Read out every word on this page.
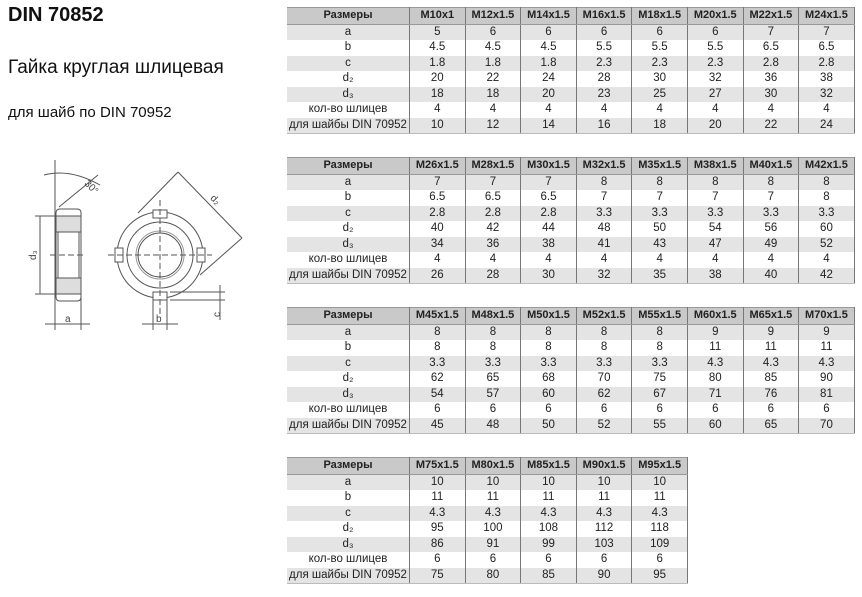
DIN 70852
Гайка круглая шлицевая
для шайб по DIN 70952
d₃
a	b	c
d₂
30°
Размеры	M10x1	M12x1.5	M14x1.5	M16x1.5	M18x1.5	M20x1.5	M22x1.5	M24x1.5
a	5	6	6	6	6	6	7	7
b	4.5	4.5	4.5	5.5	5.5	5.5	6.5	6.5
c	1.8	1.8	1.8	2.3	2.3	2.3	2.8	2.8
d₂	20	22	24	28	30	32	36	38
d₃	18	18	20	23	25	27	30	32
кол-во шлицев	4	4	4	4	4	4	4	4
для шайбы DIN 70952	10	12	14	16	18	20	22	24
Размеры	M26x1.5	M28x1.5	M30x1.5	M32x1.5	M35x1.5	M38x1.5	M40x1.5	M42x1.5
a	7	7	7	8	8	8	8	8
b	6.5	6.5	6.5	7	7	7	7	8
c	2.8	2.8	2.8	3.3	3.3	3.3	3.3	3.3
d₂	40	42	44	48	50	54	56	60
d₃	34	36	38	41	43	47	49	52
кол-во шлицев	4	4	4	4	4	4	4	4
для шайбы DIN 70952	26	28	30	32	35	38	40	42
Размеры	M45x1.5	M48x1.5	M50x1.5	M52x1.5	M55x1.5	M60x1.5	M65x1.5	M70x1.5
a	8	8	8	8	8	9	9	9
b	8	8	8	8	8	11	11	11
c	3.3	3.3	3.3	3.3	3.3	4.3	4.3	4.3
d₂	62	65	68	70	75	80	85	90
d₃	54	57	60	62	67	71	76	81
кол-во шлицев	6	6	6	6	6	6	6	6
для шайбы DIN 70952	45	48	50	52	55	60	65	70
Размеры	M75x1.5	M80x1.5	M85x1.5	M90x1.5	M95x1.5
a	10	10	10	10	10
b	11	11	11	11	11
c	4.3	4.3	4.3	4.3	4.3
d₂	95	100	108	112	118
d₃	86	91	99	103	109
кол-во шлицев	6	6	6	6	6
для шайбы DIN 70952	75	80	85	90	95
